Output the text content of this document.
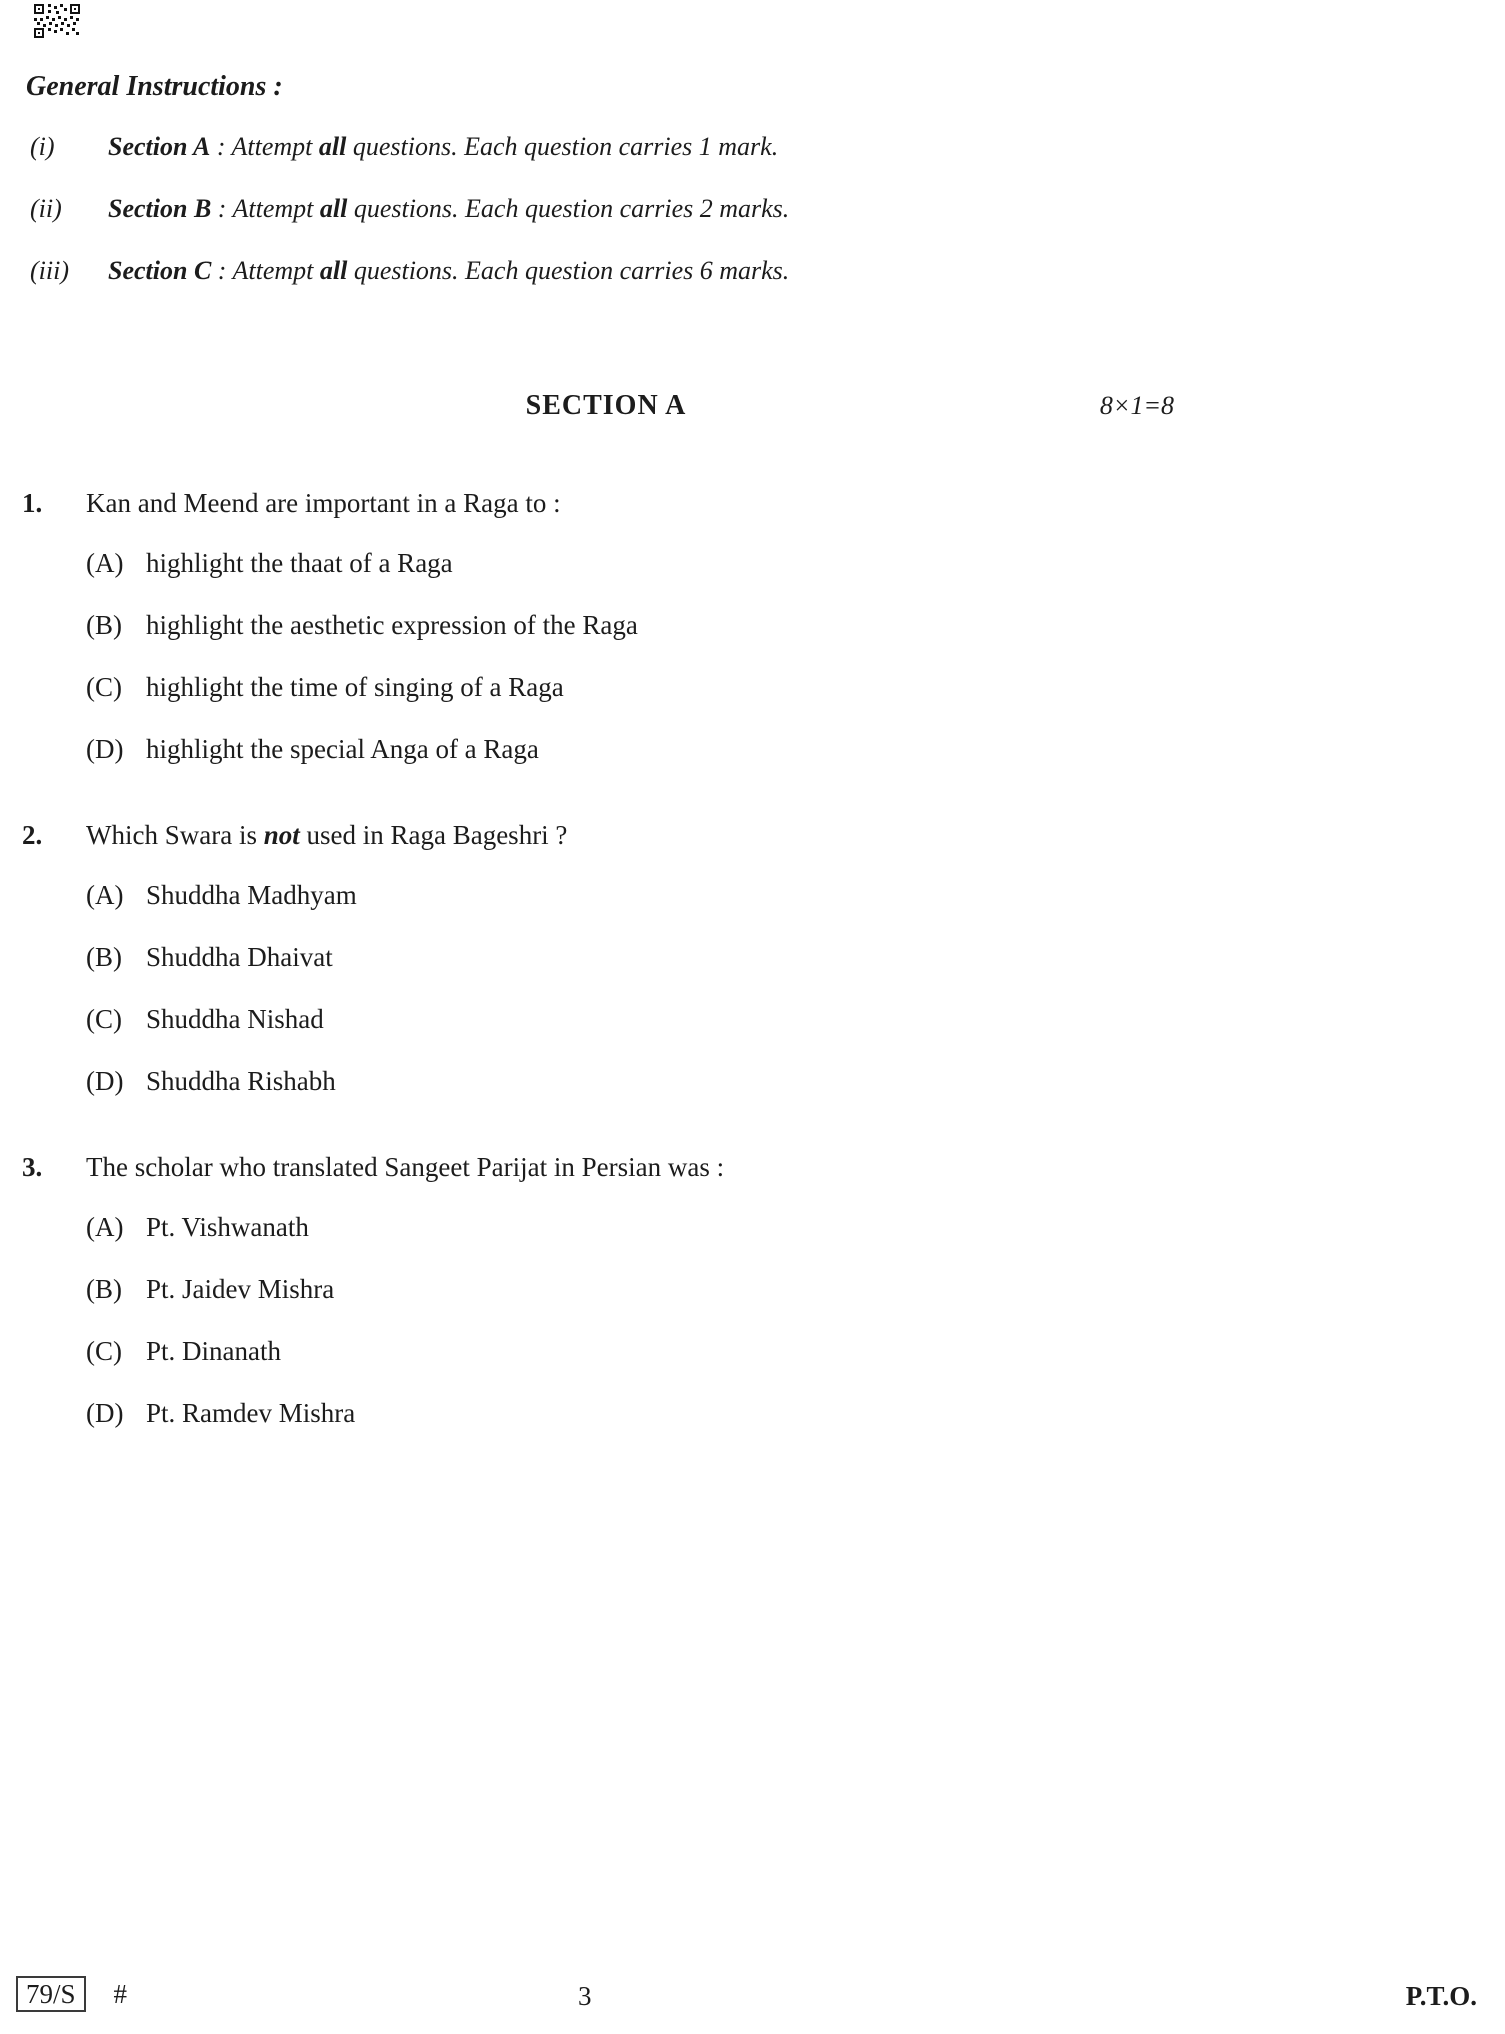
General Instructions :
(i)	Section A : Attempt all questions. Each question carries 1 mark.
(ii)	Section B : Attempt all questions. Each question carries 2 marks.
(iii)	Section C : Attempt all questions. Each question carries 6 marks.
SECTION A	8×1=8
1.	Kan and Meend are important in a Raga to :
(A) highlight the thaat of a Raga
(B) highlight the aesthetic expression of the Raga
(C) highlight the time of singing of a Raga
(D) highlight the special Anga of a Raga
2.	Which Swara is not used in Raga Bageshri ?
(A) Shuddha Madhyam
(B) Shuddha Dhaivat
(C) Shuddha Nishad
(D) Shuddha Rishabh
3.	The scholar who translated Sangeet Parijat in Persian was :
(A) Pt. Vishwanath
(B) Pt. Jaidev Mishra
(C) Pt. Dinanath
(D) Pt. Ramdev Mishra
79/S	#	3	P.T.O.
